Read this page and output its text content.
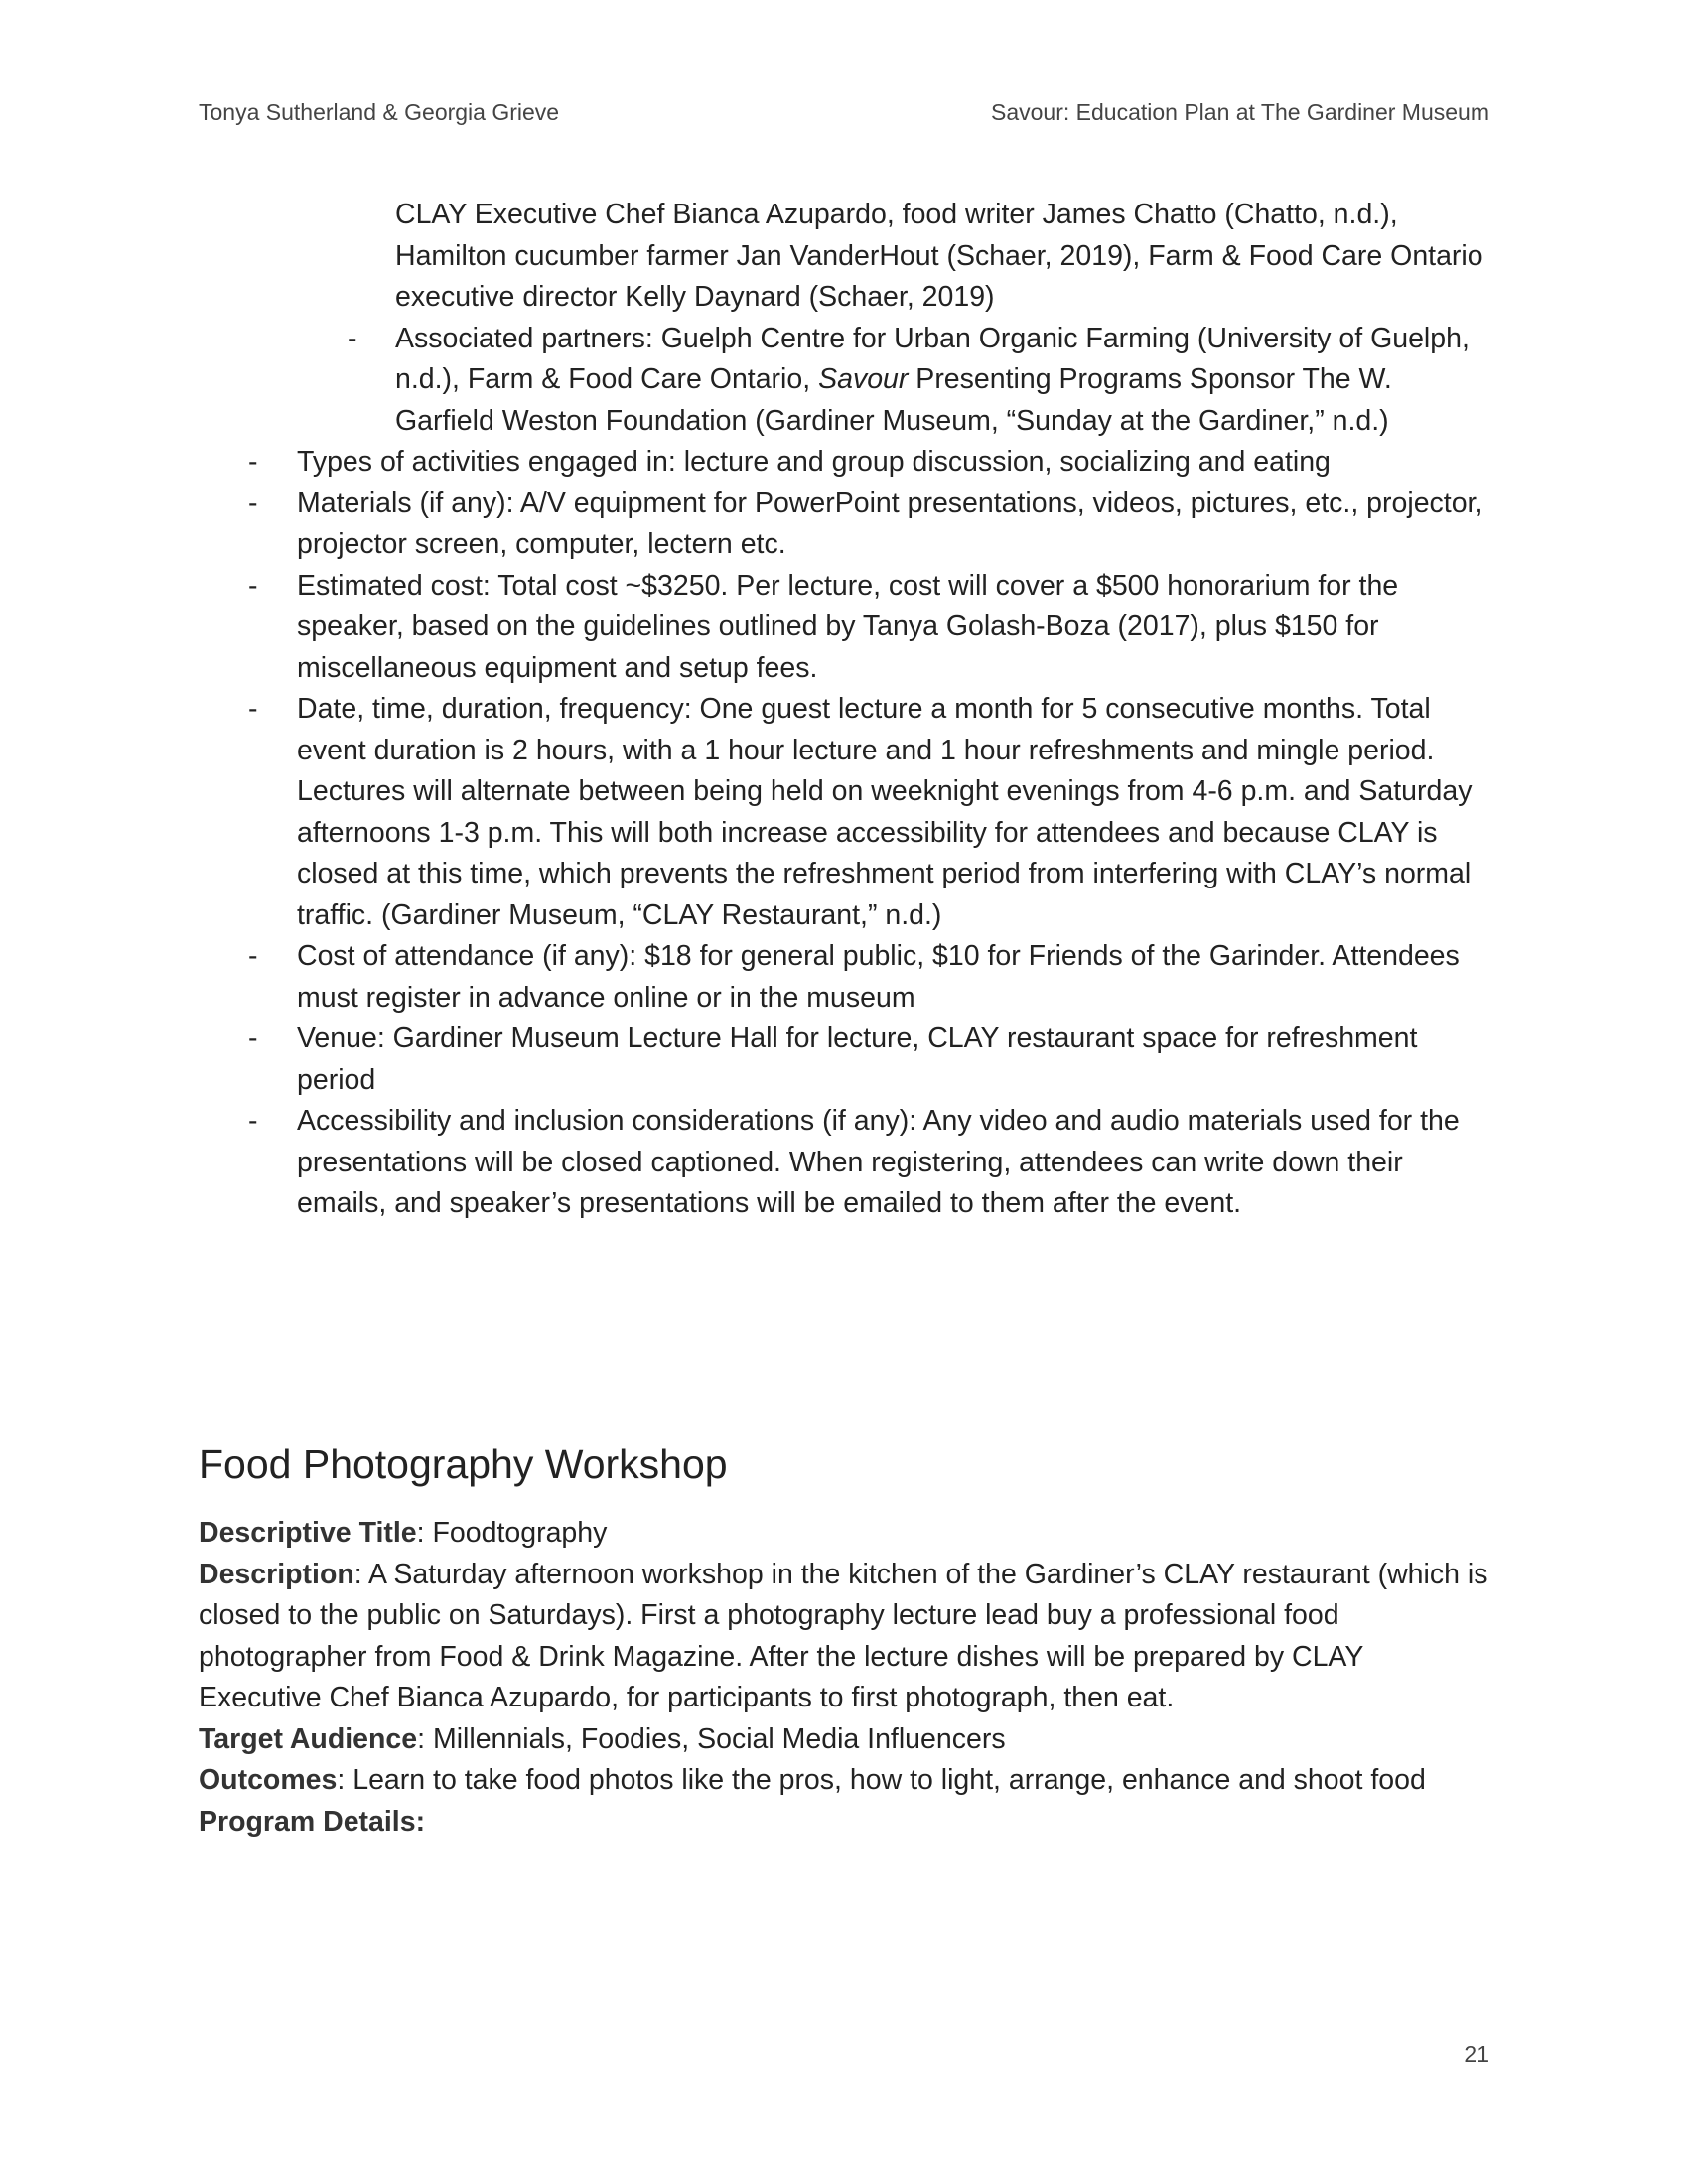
Tonya Sutherland & Georgia Grieve	Savour: Education Plan at The Gardiner Museum

CLAY Executive Chef Bianca Azupardo, food writer James Chatto (Chatto, n.d.), Hamilton cucumber farmer Jan VanderHout (Schaer, 2019), Farm & Food Care Ontario executive director Kelly Daynard (Schaer, 2019)

- Associated partners: Guelph Centre for Urban Organic Farming (University of Guelph, n.d.), Farm & Food Care Ontario, Savour Presenting Programs Sponsor The W. Garfield Weston Foundation (Gardiner Museum, “Sunday at the Gardiner,” n.d.)

- Types of activities engaged in: lecture and group discussion, socializing and eating

- Materials (if any): A/V equipment for PowerPoint presentations, videos, pictures, etc., projector, projector screen, computer, lectern etc.

- Estimated cost: Total cost ~$3250. Per lecture, cost will cover a $500 honorarium for the speaker, based on the guidelines outlined by Tanya Golash-Boza (2017), plus $150 for miscellaneous equipment and setup fees.

- Date, time, duration, frequency: One guest lecture a month for 5 consecutive months. Total event duration is 2 hours, with a 1 hour lecture and 1 hour refreshments and mingle period. Lectures will alternate between being held on weeknight evenings from 4-6 p.m. and Saturday afternoons 1-3 p.m. This will both increase accessibility for attendees and because CLAY is closed at this time, which prevents the refreshment period from interfering with CLAY’s normal traffic. (Gardiner Museum, “CLAY Restaurant,” n.d.)

- Cost of attendance (if any): $18 for general public, $10 for Friends of the Garinder. Attendees must register in advance online or in the museum

- Venue: Gardiner Museum Lecture Hall for lecture, CLAY restaurant space for refreshment period

- Accessibility and inclusion considerations (if any): Any video and audio materials used for the presentations will be closed captioned. When registering, attendees can write down their emails, and speaker’s presentations will be emailed to them after the event.

Food Photography Workshop

Descriptive Title: Foodtography

Description: A Saturday afternoon workshop in the kitchen of the Gardiner’s CLAY restaurant (which is closed to the public on Saturdays). First a photography lecture lead buy a professional food photographer from Food & Drink Magazine. After the lecture dishes will be prepared by CLAY Executive Chef Bianca Azupardo, for participants to first photograph, then eat.

Target Audience: Millennials, Foodies, Social Media Influencers

Outcomes: Learn to take food photos like the pros, how to light, arrange, enhance and shoot food

Program Details:

21
